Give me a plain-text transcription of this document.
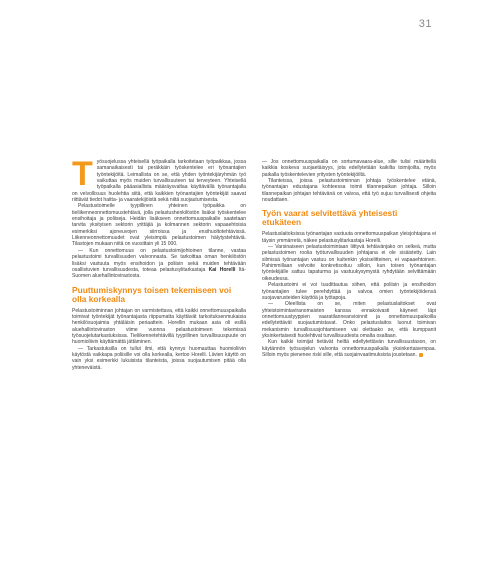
31

Työsuojelussa yhteisellä työpaikalla tarkoitetaan työpaikkaa, jossa samanaikaisesti tai peräkkäin työskentelee eri työnantajien työntekijöitä. Leimallista on se, että yhden työntekijäryhmän työ vaikuttaa myös muiden turvallisuuteen tai terveyteen. Yhteisellä työpaikalla pääasiallista määräysvaltaa käyttävällä työnantajalla on velvollisuus huolehtia siitä, että kaikkien työnantajien työntekijät saavat riittävät tiedot haitta- ja vaaratekijöistä sekä niitä suojautumisesta.

Pelastustoimelle tyypillinen yhteinen työpaikka on tieliikenneonnettomuustehtävä, jolla pelastushenkilöstön lisäksi työskentelee ensihoitaja ja poliiseja. Heidän lisäkseen onnettomuuspaikalle saatetaan tarvita yksityisen sektorin yrittäjiä ja kolmannen sektorin vapaaehtoisia esimerkiksi ajoneuvojen siirroissa ja ensihuoltotehtävissä. Liikenneonnettomuudet ovat yleisimpiä pelastustoimen hälytystehtäviä. Tilastojen mukaan niitä on vuosittain yli 15 000.

— Kun onnettomuus on pelastustoimijohtoinen tilanne, vastaa pelastustoimi turvallisuuden valvonnasta. Se tarkoittaa oman henkilöstön lisäksi vastuuta myös ensihoidon ja poliisin sekä muiden tehtävään osallistuvien turvallisuudesta, toteaa pelastusylitarkastaja Kai Horelli Itä-Suomen aluehallintovirastosta.

Puuttumiskynnys toisen tekemiseen voi olla korkealla

Pelastustoiminnan johtajan on varmistettava, että kaikki onnettomuuspaikalla toimivat työntekijät työnantajasta riippumatta käyttävät tarkoituksenmukaisia henkilösuojaimia yhtäläisin periaattein. Horellin mukaan asia oli esillä aluehallintoviraston viime vuonna pelastustoimeen tekemissä työsuojelutarkastuksissa. Tieliikennetehtävillä tyypillinen turvallisuuspuute on huomioliivin käyttämättä jättäminen.

— Tarkastuksilla on tullut ilmi, että kynnys huomauttaa huomioliivin käytöstä vaikkapa poliisille voi olla korkealla, kertoo Horelli. Liivien käyttö on vain yksi esimerkki lukuisista tilanteista, joissa suojautumisen pitää olla yhteneväistä.

— Jos onnettomuuspaikalla on sortumavaara-alue, sille tulisi määritellä kaikkia koskeva suojaetäisyys, jota edellytetään kaikilta toimijoilta, myös paikalla työskentelevien yritysten työntekijöiltä.

Tilanteissa, joissa pelastustoiminnan johtaja työskentelee etänä, työnantajan edustajana kohteessa toimii tilannepaikan johtaja. Silloin tilannepaikan johtajan tehtävänä on valvoa, että työ sujuu turvallisesti ohjeita noudattaen.

Työn vaarat selvitettävä yhteisesti etukäteen

Pelastuslaitoksissa työnantajan vastuuta onnettomuuspaikan yleisjohtajana ei täysin ymmärretä, näkee pelastusylitarkastaja Horelli.

— Varsinaiseen pelastustoimintaan liittyvä tehtävänjako on selkeä, mutta pelastustoimen roolia työturvallisuuden johtajana ei ole sisäistetty. Lain silmissä työnantajan vastuu on kuitenkin yksiselitteinen, ei vapaaehtoinen. Pahimmillaan velvoite konkretisoituu silloin, kun toisen työnantajan työntekijälle sattuu tapaturma ja vastuukysymystä ryhdytään selvittämään oikeudessa.

Pelastustoimi ei voi tuudittautua siihen, että poliisin ja ensihoidon työnantajien tulee perehdyttää ja valvoa omien työntekijöidensä suojavarusteiden käyttöä ja työtapoja.

— Oleellista on se, miten pelastuslaitokset ovat yhteistoimintaviranomaisten kanssa ennakoivasti käyneet läpi onnettomuustyyppien vaaratilanneanvioinnit ja onnettomuuspaikoilla edellytettävät suojautumistavat. Onko pelastuslaitos luonut toimivan mekanismin turvallisuusjohtamiseen vai olettaako se, että kumppanit yksinkertaisesti huolehtivat turvallisuudesta omalta osaltaan.

Kun kaikki toimijat tietävät heiltä edellytettävän turvallisuustason, on käytännön työsuojelun valvonta onnettomuuspaikalla yksinkertaisempaa. Silloin myös pienenee riski sille, että suojainvaatimuksista joustetaan.
